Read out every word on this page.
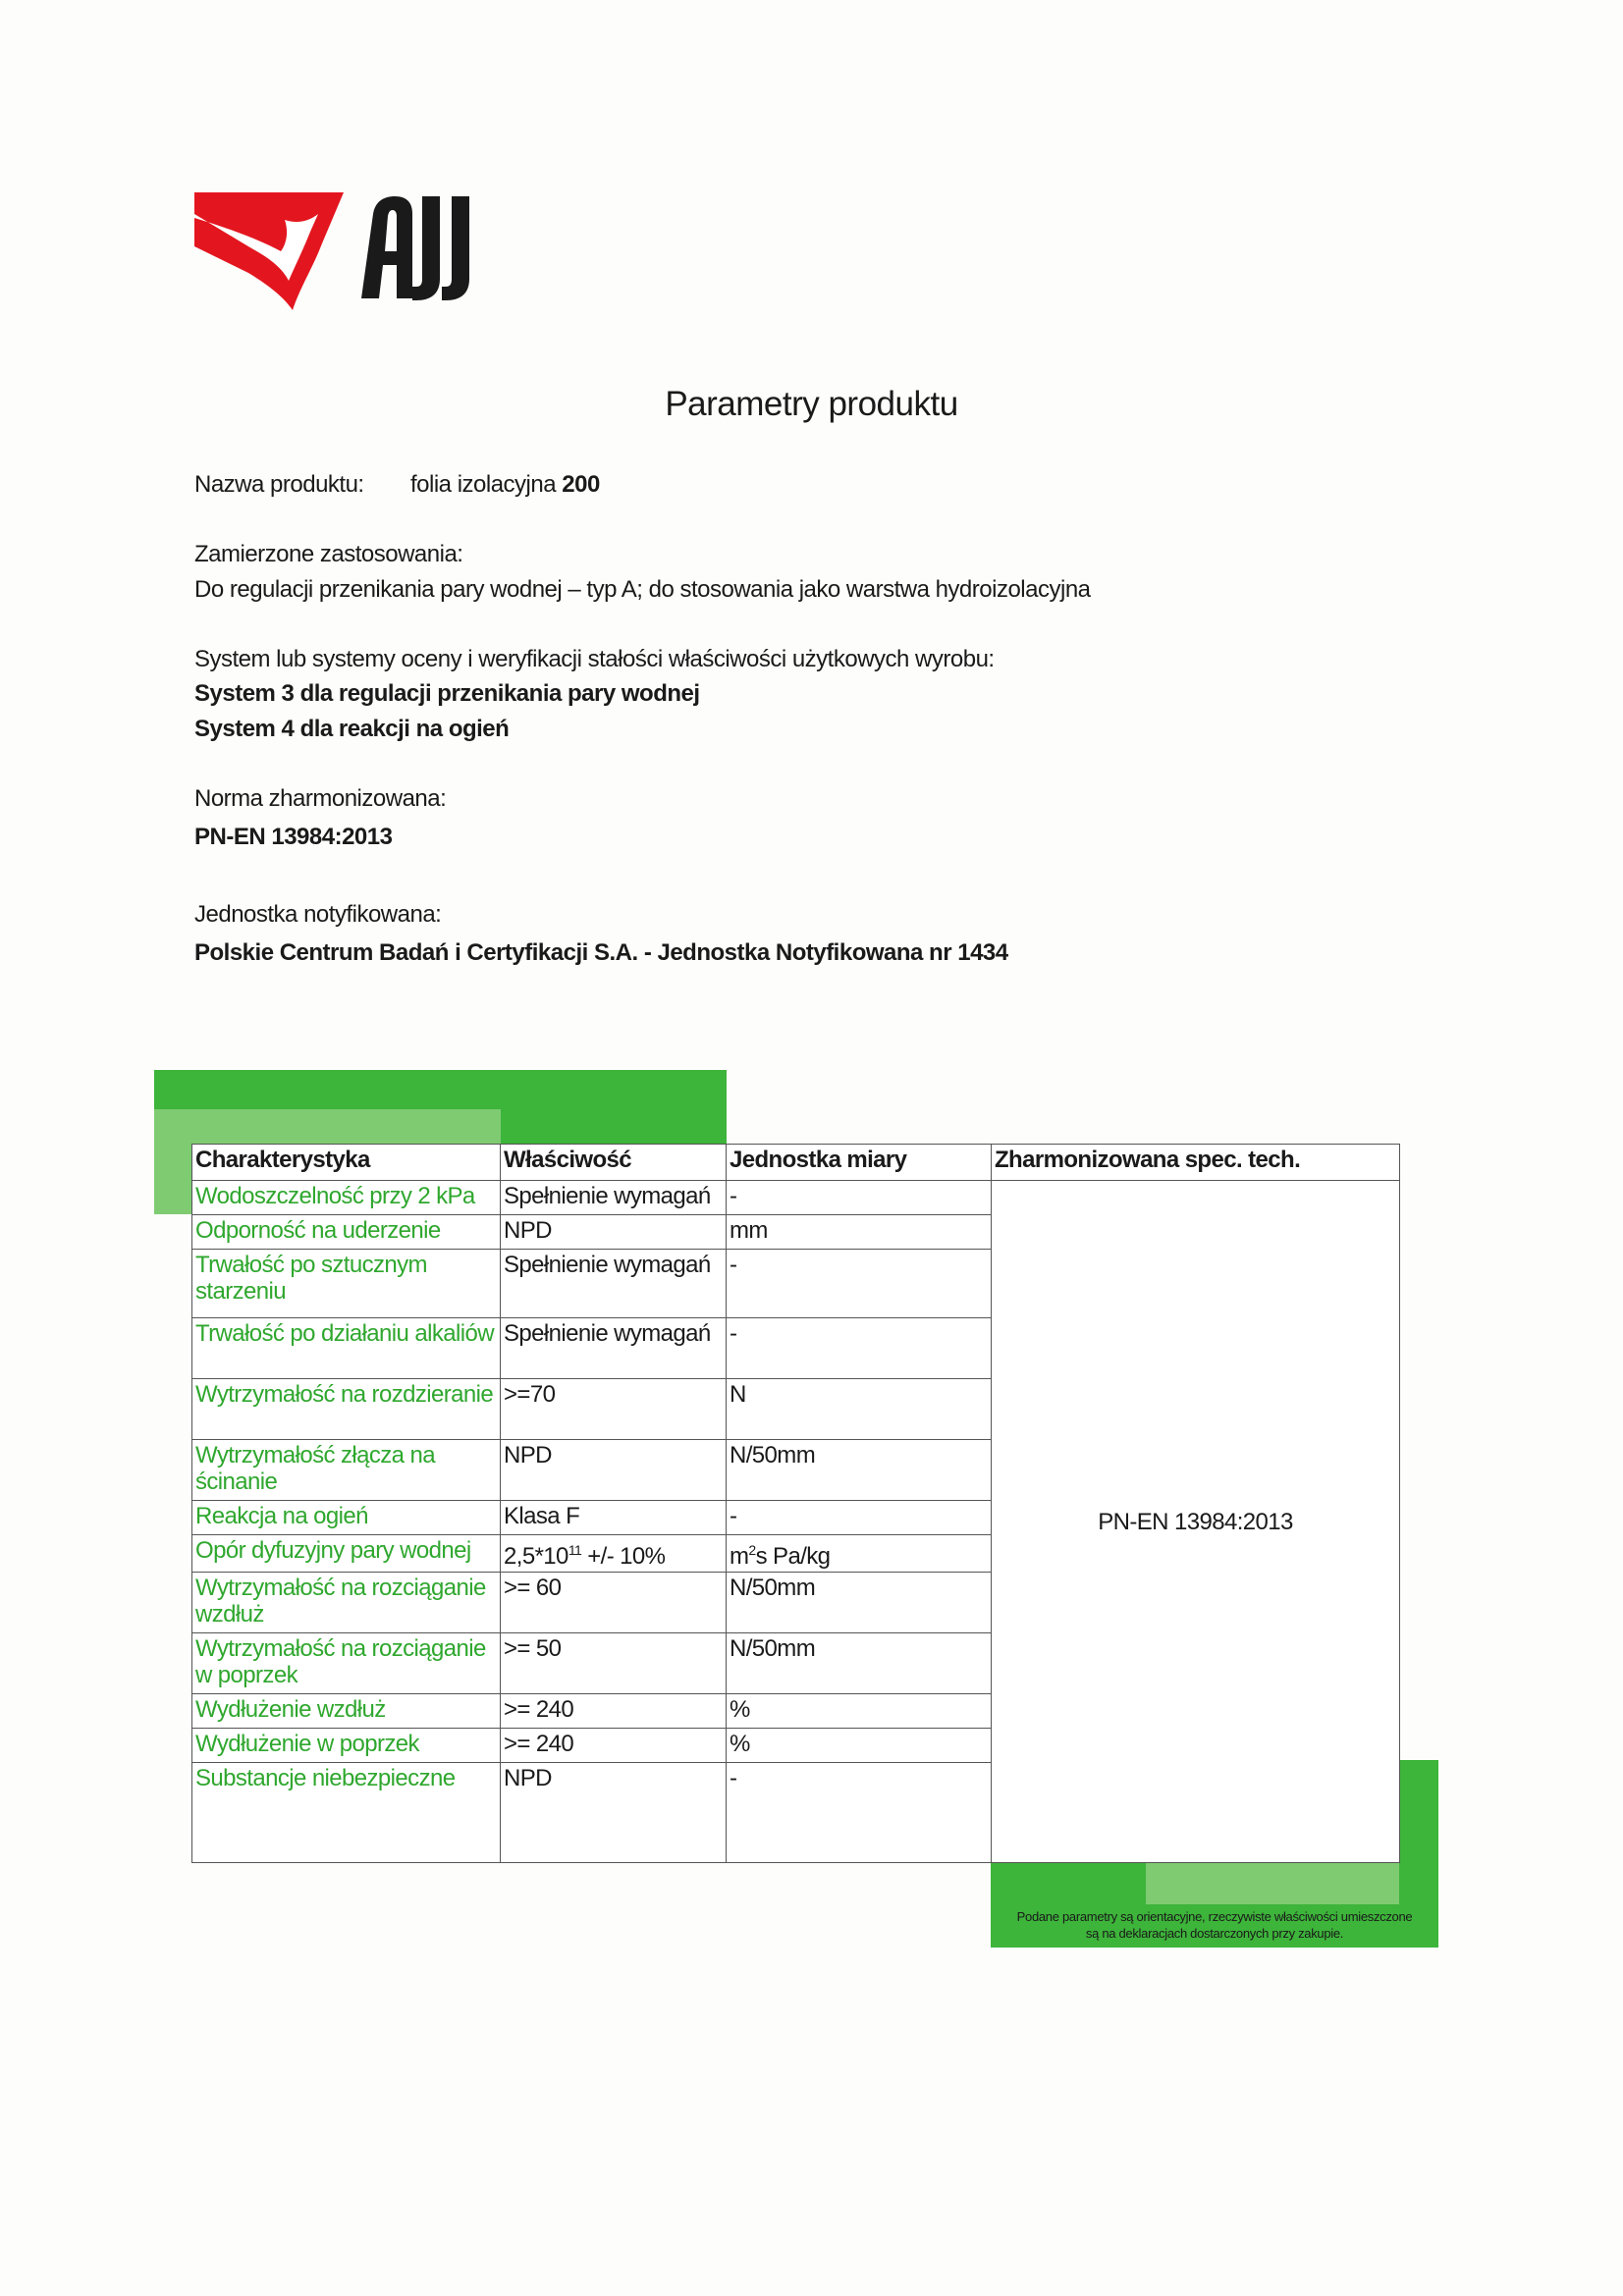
Parametry produktu
Nazwa produktu: folia izolacyjna 200
Zamierzone zastosowania:
Do regulacji przenikania pary wodnej – typ A; do stosowania jako warstwa hydroizolacyjna
System lub systemy oceny i weryfikacji stałości właściwości użytkowych wyrobu:
System 3 dla regulacji przenikania pary wodnej
System 4 dla reakcji na ogień
Norma zharmonizowana:
PN-EN 13984:2013
Jednostka notyfikowana:
Polskie Centrum Badań i Certyfikacji S.A. - Jednostka Notyfikowana nr 1434
Charakterystyka	Właściwość	Jednostka miary	Zharmonizowana spec. tech.
Wodoszczelność przy 2 kPa	Spełnienie wymagań	-	PN-EN 13984:2013
Odporność na uderzenie	NPD	mm	
Trwałość po sztucznym starzeniu	Spełnienie wymagań	-	
Trwałość po działaniu alkaliów	Spełnienie wymagań	-	
Wytrzymałość na rozdzieranie	>=70	N	
Wytrzymałość złącza na ścinanie	NPD	N/50mm	
Reakcja na ogień	Klasa F	-	
Opór dyfuzyjny pary wodnej	$2,5*10^{11}$ +/- 10%	$m^2s$ Pa/kg	
Wytrzymałość na rozciąganie wzdłuż	>= 60	N/50mm	
Wytrzymałość na rozciąganie w poprzek	>= 50	N/50mm	
Wydłużenie wzdłuż	>= 240	%	
Wydłużenie w poprzek	>= 240	%	
Substancje niebezpieczne	NPD	-	
Podane parametry są orientacyjne, rzeczywiste właściwości umieszczone
są na deklaracjach dostarczonych przy zakupie.
